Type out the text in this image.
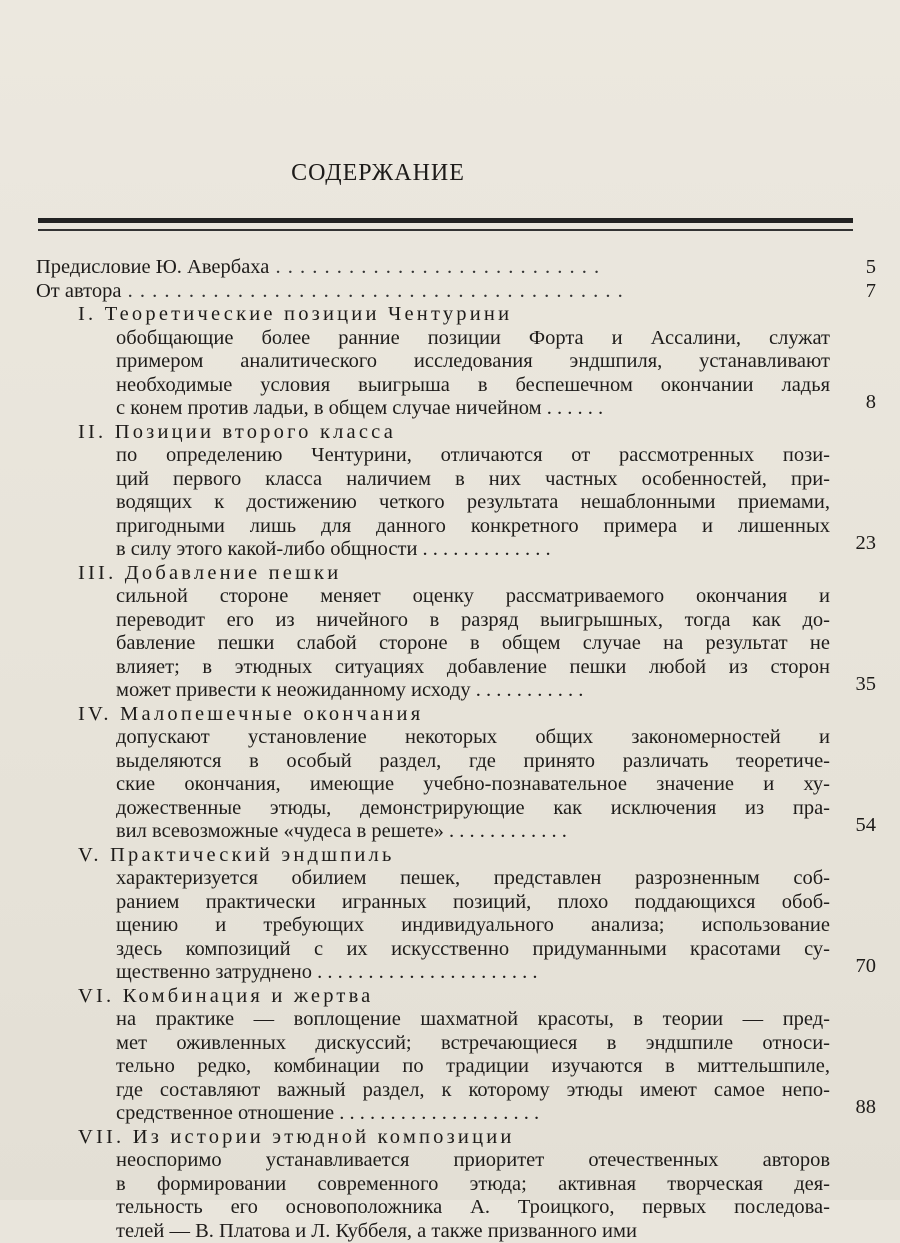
СОДЕРЖАНИЕ
Предисловие Ю. Авербаха . . . . . . . . . . . . . . . . . . . . . . . . . . .	5
От автора . . . . . . . . . . . . . . . . . . . . . . . . . . . . . . . . . . . . . . . . .	7
I. Теоретические позиции Чентурини
обобщающие более ранние позиции Форта и Ассалини, служат
примером аналитического исследования эндшпиля, устанавливают
необходимые условия выигрыша в беспешечном окончании ладья
с конем против ладьи, в общем случае ничейном . . . . . .	8
II. Позиции второго класса
по определению Чентурини, отличаются от рассмотренных пози-
ций первого класса наличием в них частных особенностей, при-
водящих к достижению четкого результата нешаблонными приемами,
пригодными лишь для данного конкретного примера и лишенных
в силу этого какой-либо общности . . . . . . . . . . . . .	23
III. Добавление пешки
сильной стороне меняет оценку рассматриваемого окончания и
переводит его из ничейного в разряд выигрышных, тогда как до-
бавление пешки слабой стороне в общем случае на результат не
влияет; в этюдных ситуациях добавление пешки любой из сторон
может привести к неожиданному исходу . . . . . . . . . . .	35
IV. Малопешечные окончания
допускают установление некоторых общих закономерностей и
выделяются в особый раздел, где принято различать теоретиче-
ские окончания, имеющие учебно-познавательное значение и ху-
дожественные этюды, демонстрирующие как исключения из пра-
вил всевозможные «чудеса в решете» . . . . . . . . . . . .	54
V. Практический эндшпиль
характеризуется обилием пешек, представлен разрозненным соб-
ранием практически игранных позиций, плохо поддающихся обоб-
щению и требующих индивидуального анализа; использование
здесь композиций с их искусственно придуманными красотами су-
щественно затруднено . . . . . . . . . . . . . . . . . . . . . .	70
VI. Комбинация и жертва
на практике — воплощение шахматной красоты, в теории — пред-
мет оживленных дискуссий; встречающиеся в эндшпиле относи-
тельно редко, комбинации по традиции изучаются в миттельшпиле,
где составляют важный раздел, к которому этюды имеют самое непо-
средственное отношение . . . . . . . . . . . . . . . . . . . .	88
VII. Из истории этюдной композиции
неоспоримо устанавливается приоритет отечественных авторов
в формировании современного этюда; активная творческая дея-
тельность его основоположника А. Троицкого, первых последова-
телей — В. Платова и Л. Куббеля, а также призванного ими
